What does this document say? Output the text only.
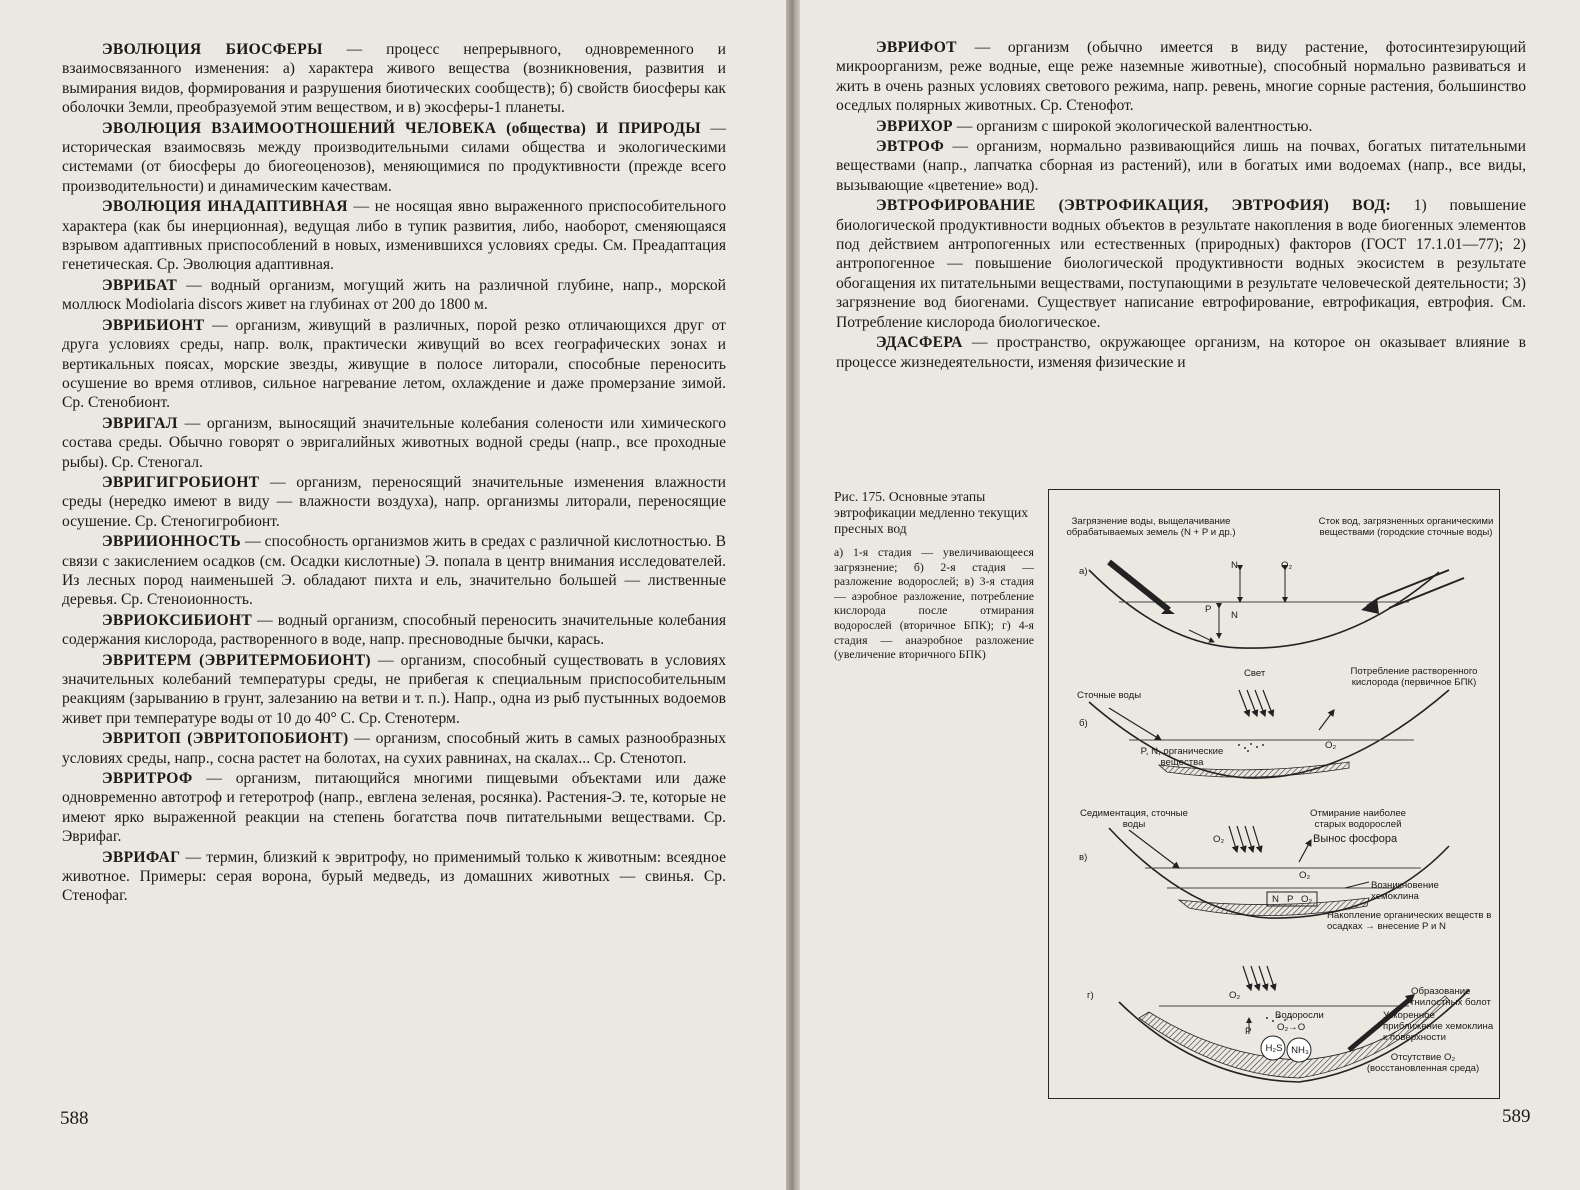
ЭВОЛЮЦИЯ БИОСФЕРЫ — процесс непрерывного, одновременного и взаимосвязанного изменения: а) характера живого вещества (возникновения, развития и вымирания видов, формирования и разрушения биотических сообществ); б) свойств биосферы как оболочки Земли, преобразуемой этим веществом, и в) экосферы-1 планеты.

ЭВОЛЮЦИЯ ВЗАИМООТНОШЕНИЙ ЧЕЛОВЕКА (общества) И ПРИРОДЫ — историческая взаимосвязь между производительными силами общества и экологическими системами (от биосферы до биогеоценозов), меняющимися по продуктивности (прежде всего производительности) и динамическим качествам.

ЭВОЛЮЦИЯ ИНАДАПТИВНАЯ — не носящая явно выраженного приспособительного характера (как бы инерционная), ведущая либо в тупик развития, либо, наоборот, сменяющаяся взрывом адаптивных приспособлений в новых, изменившихся условиях среды. См. Преадаптация генетическая. Ср. Эволюция адаптивная.

ЭВРИБАТ — водный организм, могущий жить на различной глубине, напр., морской моллюск Modiolaria discors живет на глубинах от 200 до 1800 м.

ЭВРИБИОНТ — организм, живущий в различных, порой резко отличающихся друг от друга условиях среды, напр. волк, практически живущий во всех географических зонах и вертикальных поясах, морские звезды, живущие в полосе литорали, способные переносить осушение во время отливов, сильное нагревание летом, охлаждение и даже промерзание зимой. Ср. Стенобионт.

ЭВРИГАЛ — организм, выносящий значительные колебания солености или химического состава среды. Обычно говорят о эвригалийных животных водной среды (напр., все проходные рыбы). Ср. Стеногал.

ЭВРИГИГРОБИОНТ — организм, переносящий значительные изменения влажности среды (нередко имеют в виду — влажности воздуха), напр. организмы литорали, переносящие осушение. Ср. Стеногигробионт.

ЭВРИИОННОСТЬ — способность организмов жить в средах с различной кислотностью. В связи с закислением осадков (см. Осадки кислотные) Э. попала в центр внимания исследователей. Из лесных пород наименьшей Э. обладают пихта и ель, значительно большей — лиственные деревья. Ср. Стеноионность.

ЭВРИОКСИБИОНТ — водный организм, способный переносить значительные колебания содержания кислорода, растворенного в воде, напр. пресноводные бычки, карась.

ЭВРИТЕРМ (ЭВРИТЕРМОБИОНТ) — организм, способный существовать в условиях значительных колебаний температуры среды, не прибегая к специальным приспособительным реакциям (зарыванию в грунт, залезанию на ветви и т. п.). Напр., одна из рыб пустынных водоемов живет при температуре воды от 10 до 40° С. Ср. Стенотерм.

ЭВРИТОП (ЭВРИТОПОБИОНТ) — организм, способный жить в самых разнообразных условиях среды, напр., сосна растет на болотах, на сухих равнинах, на скалах... Ср. Стенотоп.

ЭВРИТРОФ — организм, питающийся многими пищевыми объектами или даже одновременно автотроф и гетеротроф (напр., евглена зеленая, росянка). Растения-Э. те, которые не имеют ярко выраженной реакции на степень богатства почв питательными веществами. Ср. Эврифаг.

ЭВРИФАГ — термин, близкий к эвритрофу, но применимый только к животным: всеядное животное. Примеры: серая ворона, бурый медведь, из домашних животных — свинья. Ср. Стенофаг.

588

ЭВРИФОТ — организм (обычно имеется в виду растение, фотосинтезирующий микроорганизм, реже водные, еще реже наземные животные), способный нормально развиваться и жить в очень разных условиях светового режима, напр. ревень, многие сорные растения, большинство оседлых полярных животных. Ср. Стенофот.

ЭВРИХОР — организм с широкой экологической валентностью.

ЭВТРОФ — организм, нормально развивающийся лишь на почвах, богатых питательными веществами (напр., лапчатка сборная из растений), или в богатых ими водоемах (напр., все виды, вызывающие «цветение» вод).

ЭВТРОФИРОВАНИЕ (ЭВТРОФИКАЦИЯ, ЭВТРОФИЯ) ВОД: 1) повышение биологической продуктивности водных объектов в результате накопления в воде биогенных элементов под действием антропогенных или естественных (природных) факторов (ГОСТ 17.1.01—77); 2) антропогенное — повышение биологической продуктивности водных экосистем в результате обогащения их питательными веществами, поступающими в результате человеческой деятельности; 3) загрязнение вод биогенами. Существует написание евтрофирование, евтрофикация, евтрофия. См. Потребление кислорода биологическое.

ЭДАСФЕРА — пространство, окружающее организм, на которое он оказывает влияние в процессе жизнедеятельности, изменяя физические и

Рис. 175. Основные этапы эвтрофикации медленно текущих пресных вод
а) 1-я стадия — увеличивающееся загрязнение; б) 2-я стадия — разложение водорослей; в) 3-я стадия — аэробное разложение, потребление кислорода после отмирания водорослей (вторичное БПК); г) 4-я стадия — анаэробное разложение (увеличение вторичного БПК)
Загрязнение воды, выщелачивание обрабатываемых земель (N + P и др.)
Сток вод, загрязненных органическими веществами (городские сточные воды)
а)
N	O₂
P
N
Свет
Сточные воды
Потребление растворенного кислорода (первичное БПК)
б)
P, N, органические вещества
O₂
Седиментация, сточные воды
Отмирание наиболее старых водорослей
Вынос фосфора
в)
O₂
O₂
N P O₂
Возникновение хемоклина
Накопление органических веществ в осадках → внесение P и N
г)	Образование гнилостных болот
Ускоренное приближение хемоклина к поверхности
O₂
Водоросли
O₂→O
P
H₂S NH₃
Отсутствие O₂ (восстановленная среда)
589
